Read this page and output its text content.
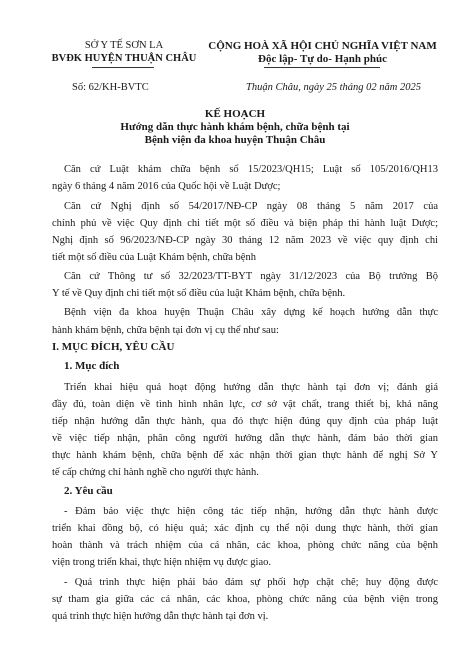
SỞ Y TẾ SƠN LA
BVĐK HUYỆN THUẬN CHÂU
CỘNG HOÀ XÃ HỘI CHỦ NGHĨA VIỆT NAM
Độc lập- Tự do- Hạnh phúc
Số: 62/KH-BVTC	Thuận Châu, ngày 25 tháng 02 năm 2025
KẾ HOẠCH
Hướng dẫn thực hành khám bệnh, chữa bệnh tại
Bệnh viện đa khoa huyện Thuận Châu
Căn cứ Luật khám chữa bệnh số 15/2023/QH15; Luật số 105/2016/QH13
ngày 6 tháng 4 năm 2016 của Quốc hội về Luật Dược;
Căn cứ Nghị định số 54/2017/NĐ-CP ngày 08 tháng 5 năm 2017 của
chính phủ về việc Quy định chi tiết một số điều và biện pháp thi hành luật Dược;
Nghị định số 96/2023/NĐ-CP ngày 30 tháng 12 năm 2023 về việc quy định chi
tiết một số điều của Luật Khám bệnh, chữa bệnh
Căn cứ Thông tư số 32/2023/TT-BYT ngày 31/12/2023 của Bộ trưởng Bộ
Y tế về Quy định chi tiết một số điều của luật Khám bệnh, chữa bệnh.
Bệnh viện đa khoa huyện Thuận Châu xây dựng kế hoạch hướng dẫn thực
hành khám bệnh, chữa bệnh tại đơn vị cụ thể như sau:
I. MỤC ĐÍCH, YÊU CẦU
1. Mục đích
Triển khai hiệu quả hoạt động hướng dẫn thực hành tại đơn vị; đánh giá
đầy đủ, toàn diện về tình hình nhân lực, cơ sở vật chất, trang thiết bị, khả năng
tiếp nhận hướng dẫn thực hành, qua đó thực hiện đúng quy định của pháp luật
về việc tiếp nhận, phân công người hướng dẫn thực hành, đảm bảo thời gian
thực hành khám bệnh, chữa bệnh để xác nhận thời gian thực hành để nghị Sở Y
tế cấp chứng chỉ hành nghề cho người thực hành.
2. Yêu cầu
- Đảm bảo việc thực hiện công tác tiếp nhận, hướng dẫn thực hành được
triển khai đồng bộ, có hiệu quả; xác định cụ thể nội dung thực hành, thời gian
hoàn thành và trách nhiệm của cá nhân, các khoa, phòng chức năng của bệnh
viện trong triển khai, thực hiện nhiệm vụ được giao.
- Quá trình thực hiện phải bảo đảm sự phối hợp chặt chẽ; huy động được
sự tham gia giữa các cá nhân, các khoa, phòng chức năng của bệnh viện trong
quá trình thực hiện hướng dẫn thực hành tại đơn vị.
